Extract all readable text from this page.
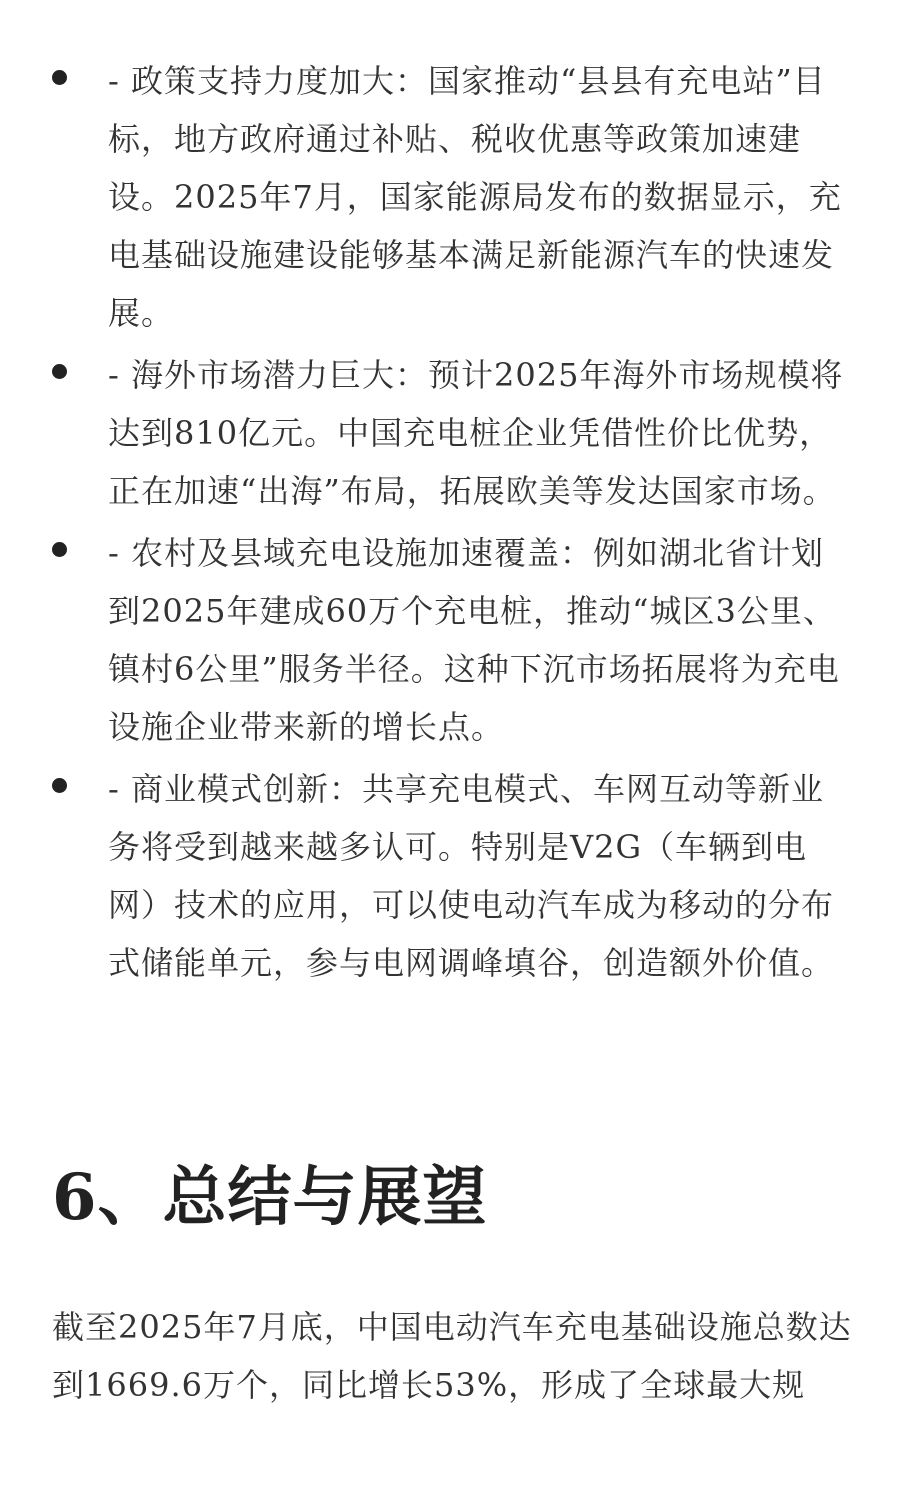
- 政策支持力度加大：国家推动“县县有充电站”目标，地方政府通过补贴、税收优惠等政策加速建设。2025年7月，国家能源局发布的数据显示，充电基础设施建设能够基本满足新能源汽车的快速发展。

- 海外市场潜力巨大：预计2025年海外市场规模将达到810亿元。中国充电桩企业凭借性价比优势，正在加速“出海”布局，拓展欧美等发达国家市场。

- 农村及县域充电设施加速覆盖：例如湖北省计划到2025年建成60万个充电桩，推动“城区3公里、镇村6公里”服务半径。这种下沉市场拓展将为充电设施企业带来新的增长点。

- 商业模式创新：共享充电模式、车网互动等新业务将受到越来越多认可。特别是V2G（车辆到电网）技术的应用，可以使电动汽车成为移动的分布式储能单元，参与电网调峰填谷，创造额外价值。

6、总结与展望

截至2025年7月底，中国电动汽车充电基础设施总数达到1669.6万个，同比增长53%，形成了全球最大规
